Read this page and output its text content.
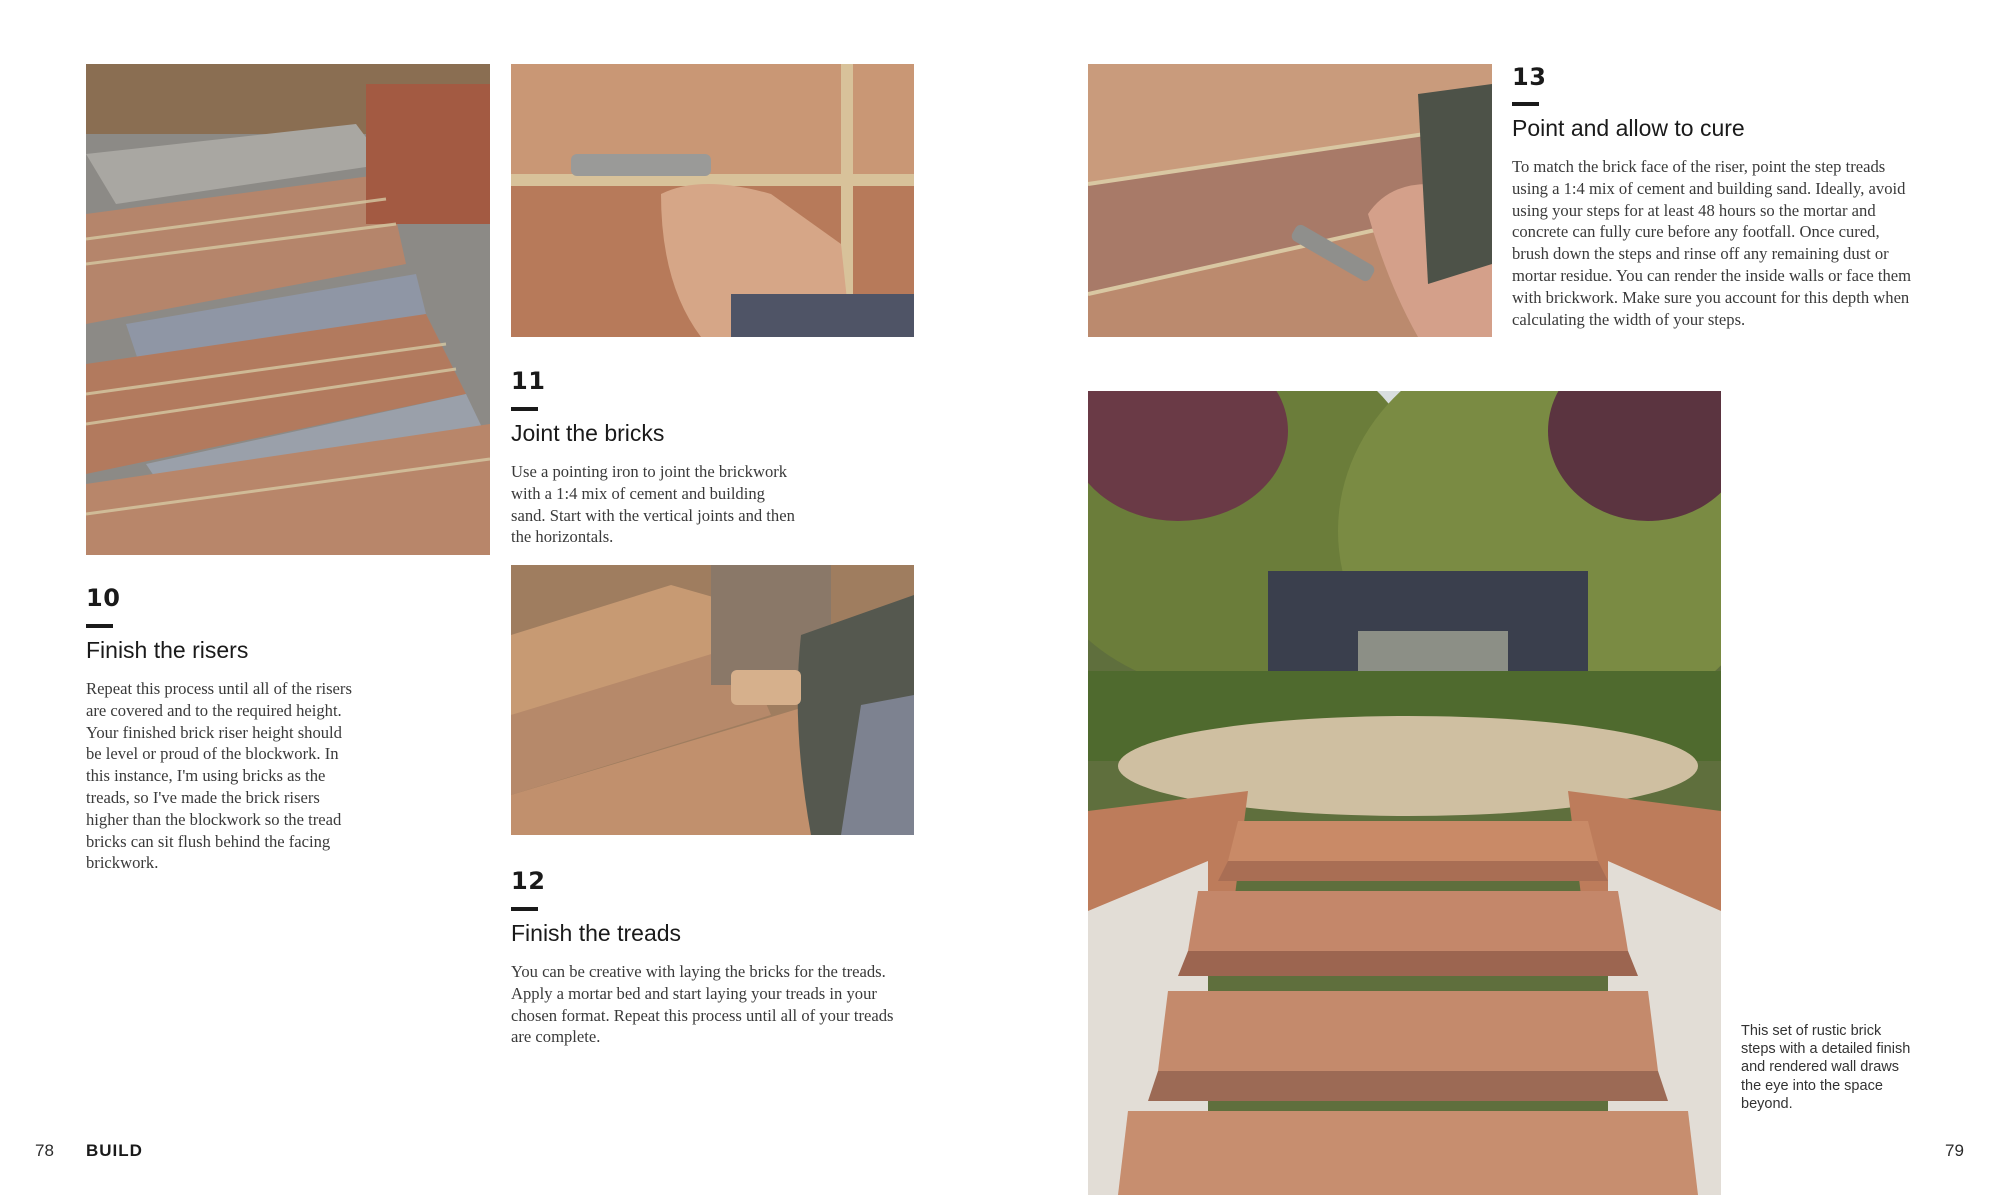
10
Finish the risers
Repeat this process until all of the risers are covered and to the required height. Your finished brick riser height should be level or proud of the blockwork. In this instance, I'm using bricks as the treads, so I've made the brick risers higher than the blockwork so the tread bricks can sit flush behind the facing brickwork.
11
Joint the bricks
Use a pointing iron to joint the brickwork with a 1:4 mix of cement and building sand. Start with the vertical joints and then the horizontals.
12
Finish the treads
You can be creative with laying the bricks for the treads. Apply a mortar bed and start laying your treads in your chosen format. Repeat this process until all of your treads are complete.
13
Point and allow to cure
To match the brick face of the riser, point the step treads using a 1:4 mix of cement and building sand. Ideally, avoid using your steps for at least 48 hours so the mortar and concrete can fully cure before any footfall. Once cured, brush down the steps and rinse off any remaining dust or mortar residue. You can render the inside walls or face them with brickwork. Make sure you account for this depth when calculating the width of your steps.
This set of rustic brick steps with a detailed finish and rendered wall draws the eye into the space beyond.
78 BUILD	79
